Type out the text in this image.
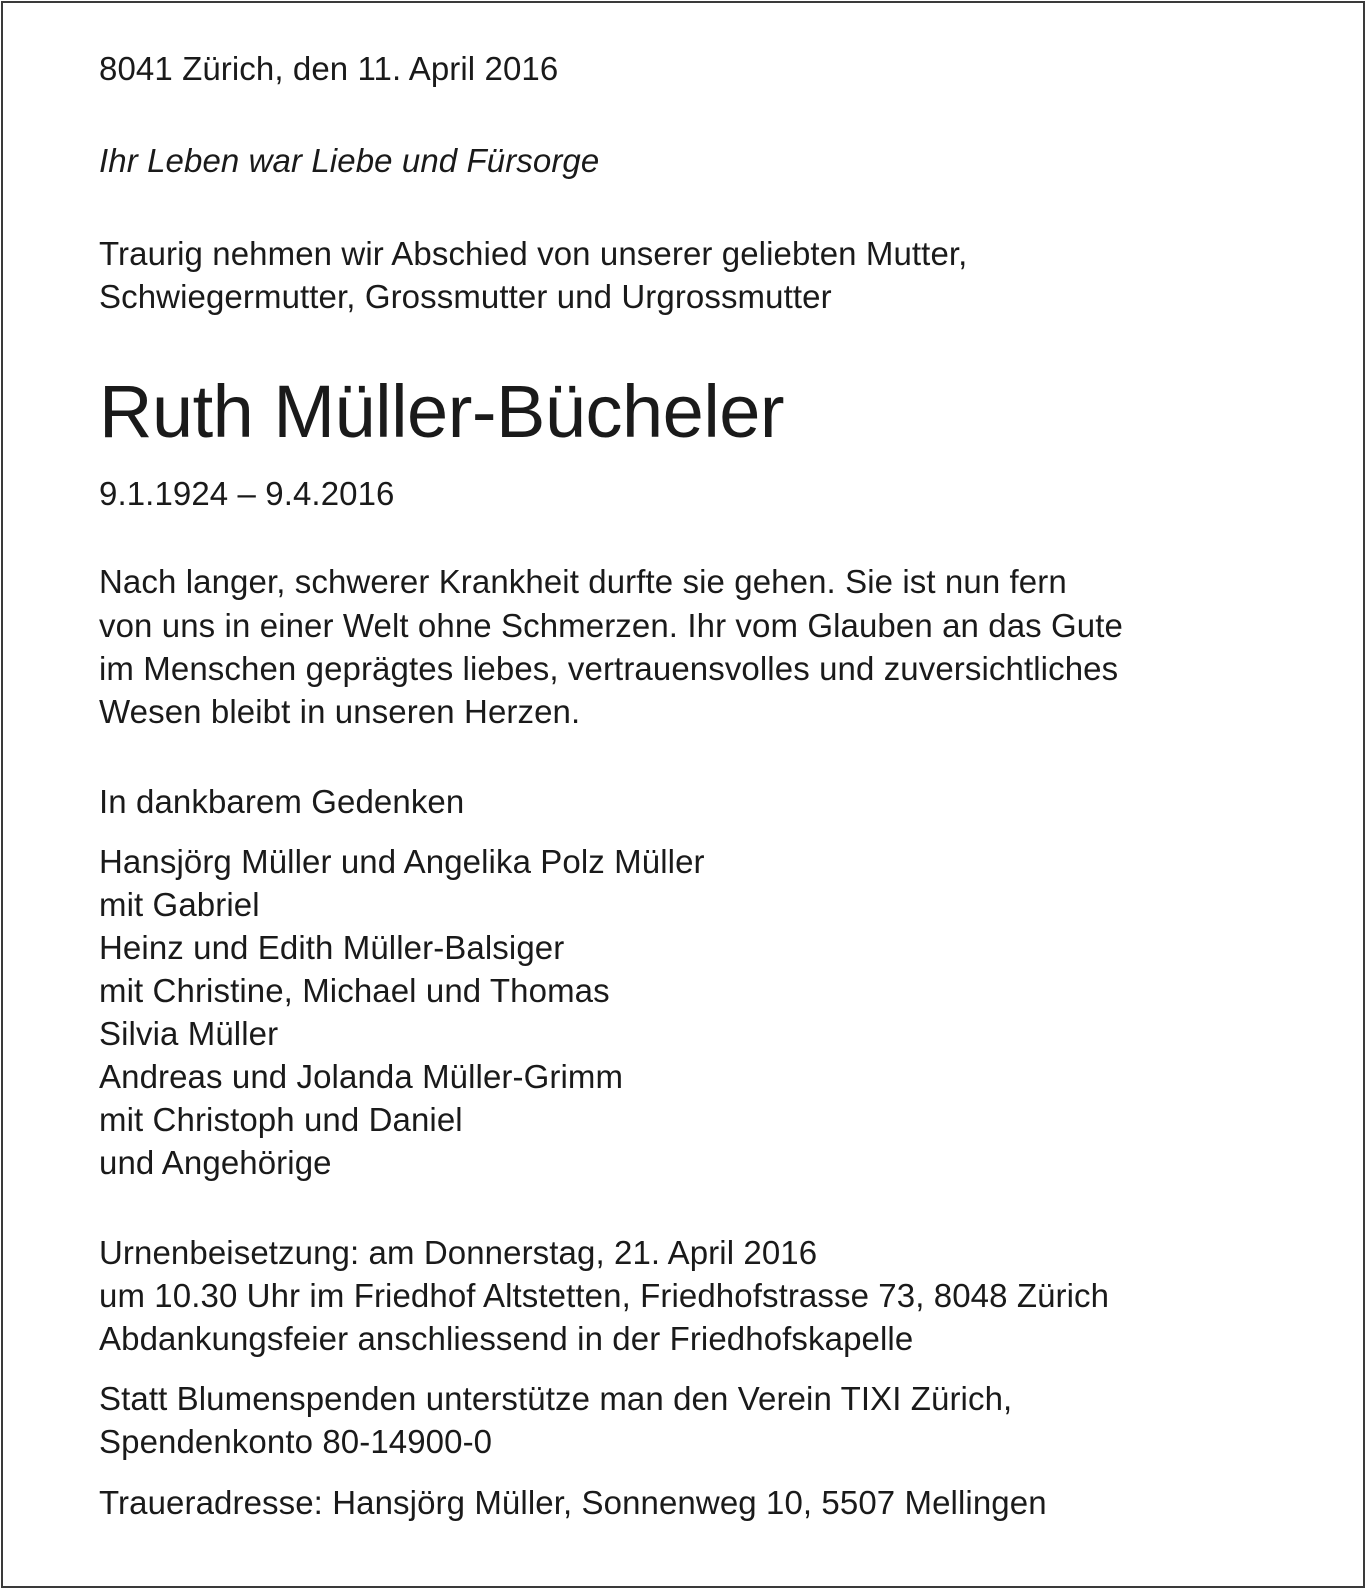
8041 Zürich, den 11. April 2016
Ihr Leben war Liebe und Fürsorge
Traurig nehmen wir Abschied von unserer geliebten Mutter,
Schwiegermutter, Grossmutter und Urgrossmutter
Ruth Müller-Bücheler
9.1.1924 – 9.4.2016
Nach langer, schwerer Krankheit durfte sie gehen. Sie ist nun fern
von uns in einer Welt ohne Schmerzen. Ihr vom Glauben an das Gute
im Menschen geprägtes liebes, vertrauensvolles und zuversichtliches
Wesen bleibt in unseren Herzen.
In dankbarem Gedenken
Hansjörg Müller und Angelika Polz Müller
mit Gabriel
Heinz und Edith Müller-Balsiger
mit Christine, Michael und Thomas
Silvia Müller
Andreas und Jolanda Müller-Grimm
mit Christoph und Daniel
und Angehörige
Urnenbeisetzung: am Donnerstag, 21. April 2016
um 10.30 Uhr im Friedhof Altstetten, Friedhofstrasse 73, 8048 Zürich
Abdankungsfeier anschliessend in der Friedhofskapelle
Statt Blumenspenden unterstütze man den Verein TIXI Zürich,
Spendenkonto 80-14900-0
Traueradresse: Hansjörg Müller, Sonnenweg 10, 5507 Mellingen
